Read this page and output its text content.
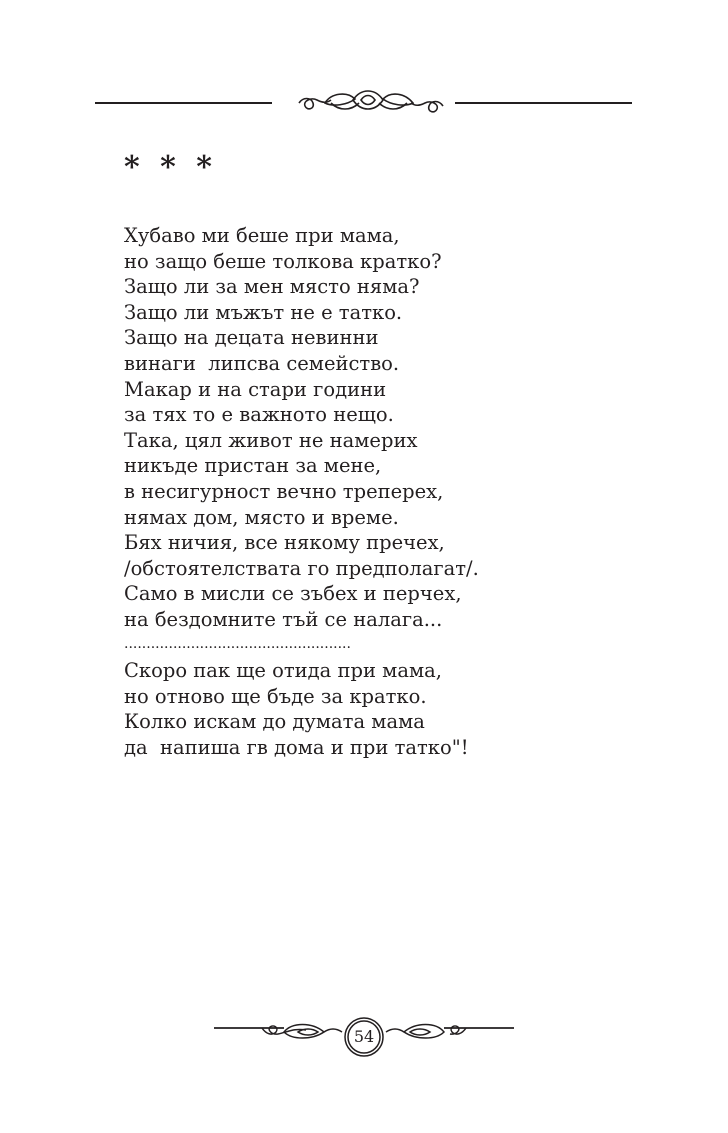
* * *
Хубаво ми беше при мама,
но защо беше толкова кратко?
Защо ли за мен място няма?
Защо ли мъжът не е татко.
Защо на децата невинни
винаги  липсва семейство.
Макар и на стари години
за тях то е важното нещо.
Така, цял живот не намерих
никъде пристан за мене,
в несигурност вечно треперех,
нямах дом, място и време.
Бях ничия, все някому пречех,
/обстоятелствата го предполагат/.
Само в мисли се зъбех и перчех,
на бездомните тъй се налага...
...................................................
Скоро пак ще отида при мама,
но отново ще бъде за кратко.
Колко искам до думата мама
да  напиша гв дома и при татко"!
54
